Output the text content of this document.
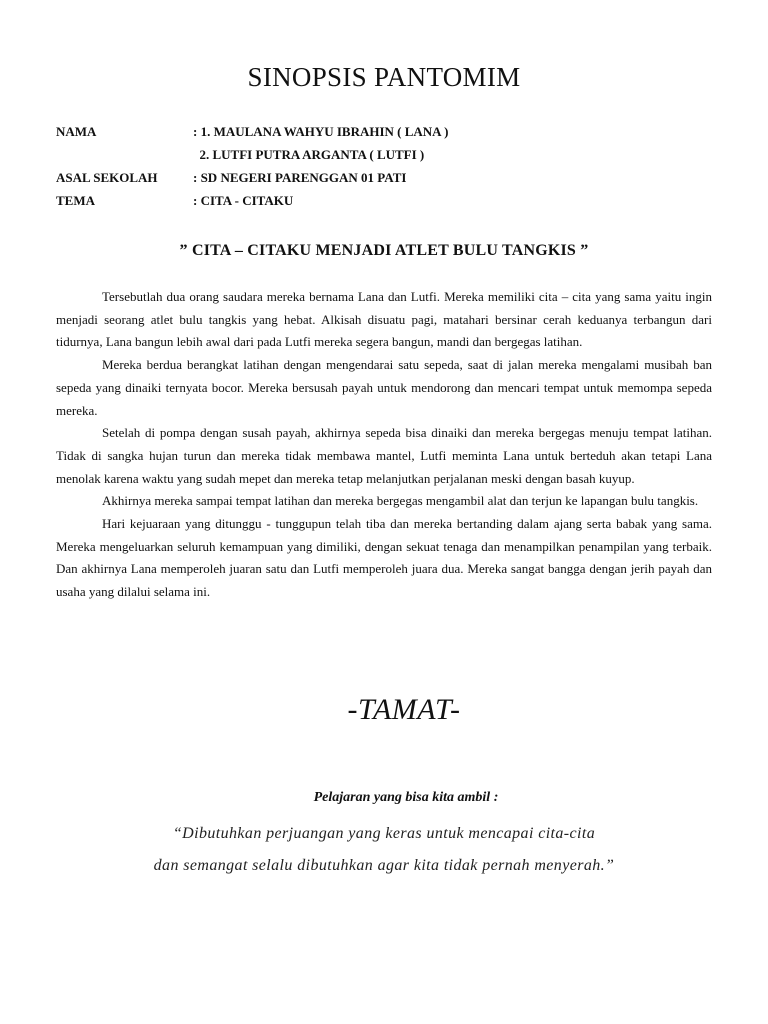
SINOPSIS PANTOMIM
NAMA	: 1. MAULANA WAHYU IBRAHIN ( LANA )
2. LUTFI PUTRA ARGANTA ( LUTFI )
ASAL SEKOLAH	: SD NEGERI PARENGGAN 01 PATI
TEMA	: CITA - CITAKU
” CITA – CITAKU MENJADI ATLET BULU TANGKIS ”

Tersebutlah dua orang saudara mereka bernama Lana dan Lutfi. Mereka memiliki cita – cita yang sama yaitu ingin menjadi seorang atlet bulu tangkis yang hebat. Alkisah disuatu pagi, matahari bersinar cerah keduanya terbangun dari tidurnya, Lana bangun lebih awal dari pada Lutfi mereka segera bangun, mandi dan bergegas latihan.

Mereka berdua berangkat latihan dengan mengendarai satu sepeda, saat di jalan mereka mengalami musibah ban sepeda yang dinaiki ternyata bocor. Mereka bersusah payah untuk mendorong dan mencari tempat untuk memompa sepeda mereka.

Setelah di pompa dengan susah payah, akhirnya sepeda bisa dinaiki dan mereka bergegas menuju tempat latihan. Tidak di sangka hujan turun dan mereka tidak membawa mantel, Lutfi meminta Lana untuk berteduh akan tetapi Lana menolak karena waktu yang sudah mepet dan mereka tetap melanjutkan perjalanan meski dengan basah kuyup.

Akhirnya mereka sampai tempat latihan dan mereka bergegas mengambil alat dan terjun ke lapangan bulu tangkis.

Hari kejuaraan yang ditunggu - tunggupun telah tiba dan mereka bertanding dalam ajang serta babak yang sama. Mereka mengeluarkan seluruh kemampuan yang dimiliki, dengan sekuat tenaga dan menampilkan penampilan yang terbaik. Dan akhirnya Lana memperoleh juaran satu dan Lutfi memperoleh juara dua. Mereka sangat bangga dengan jerih payah dan usaha yang dilalui selama ini.

-TAMAT-
Pelajaran yang bisa kita ambil :
“Dibutuhkan perjuangan yang keras untuk mencapai cita-cita
dan semangat selalu dibutuhkan agar kita tidak pernah menyerah.”
